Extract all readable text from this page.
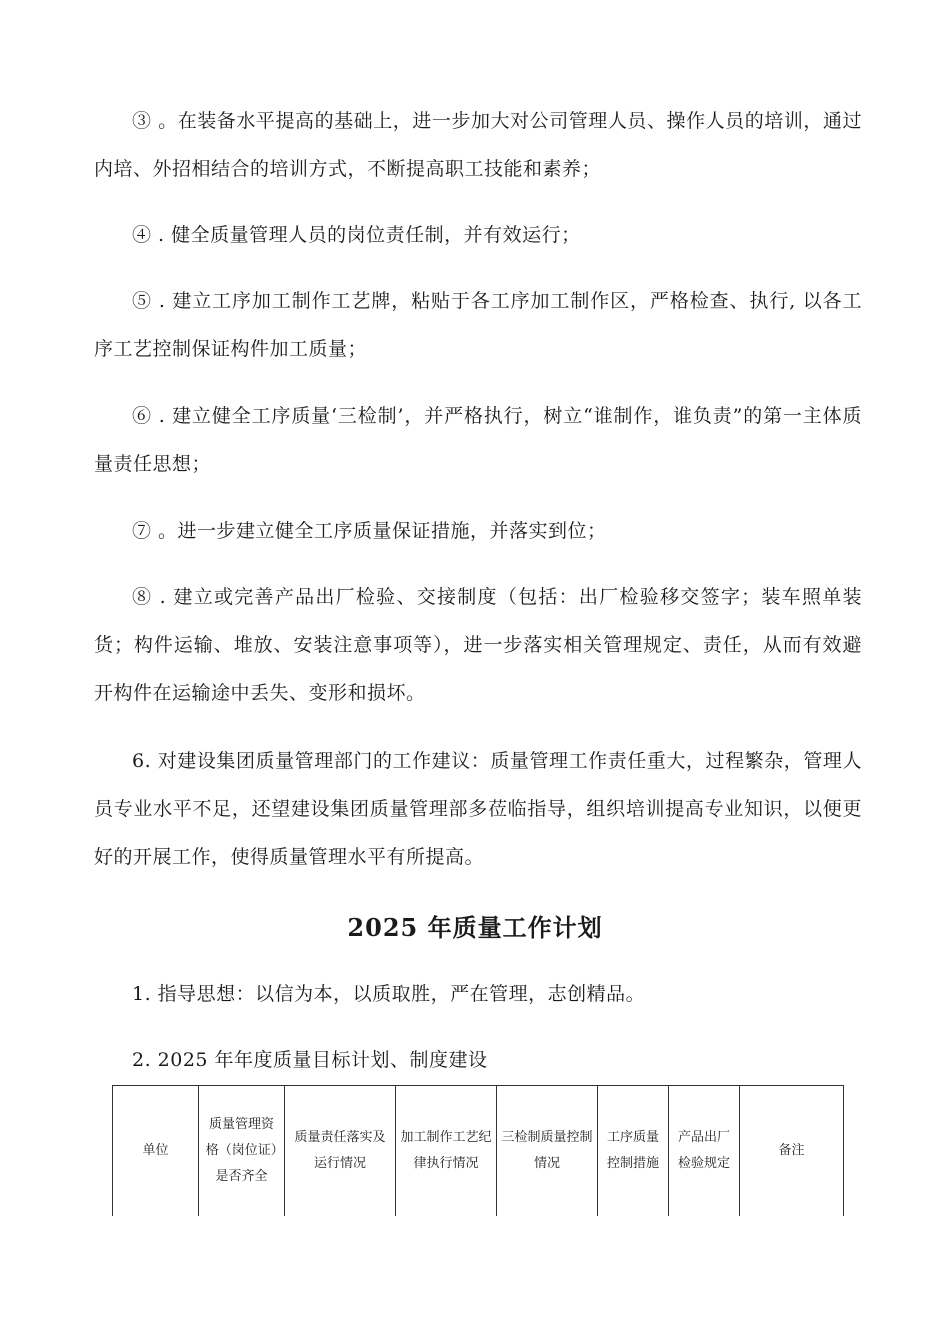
③ 。在装备水平提高的基础上，进一步加大对公司管理人员、操作人员的培训，通过内培、外招相结合的培训方式，不断提高职工技能和素养；

④ . 健全质量管理人员的岗位责任制，并有效运行；

⑤ . 建立工序加工制作工艺牌，粘贴于各工序加工制作区，严格检查、执行, 以各工序工艺控制保证构件加工质量；

⑥ . 建立健全工序质量‘三检制’，并严格执行，树立“谁制作，谁负责”的第一主体质量责任思想；

⑦ 。进一步建立健全工序质量保证措施，并落实到位；

⑧ . 建立或完善产品出厂检验、交接制度（包括：出厂检验移交签字；装车照单装货；构件运输、堆放、安装注意事项等），进一步落实相关管理规定、责任，从而有效避开构件在运输途中丢失、变形和损坏。

6. 对建设集团质量管理部门的工作建议：质量管理工作责任重大，过程繁杂，管理人员专业水平不足，还望建设集团质量管理部多莅临指导，组织培训提高专业知识，以便更好的开展工作，使得质量管理水平有所提高。

2025 年质量工作计划

1. 指导思想：以信为本，以质取胜，严在管理，志创精品。

2. 2025 年年度质量目标计划、制度建设

单位	质量管理资格（岗位证）是否齐全	质量责任落实及运行情况	加工制作工艺纪律执行情况	三检制质量控制情况	工序质量控制措施	产品出厂检验规定	备注
